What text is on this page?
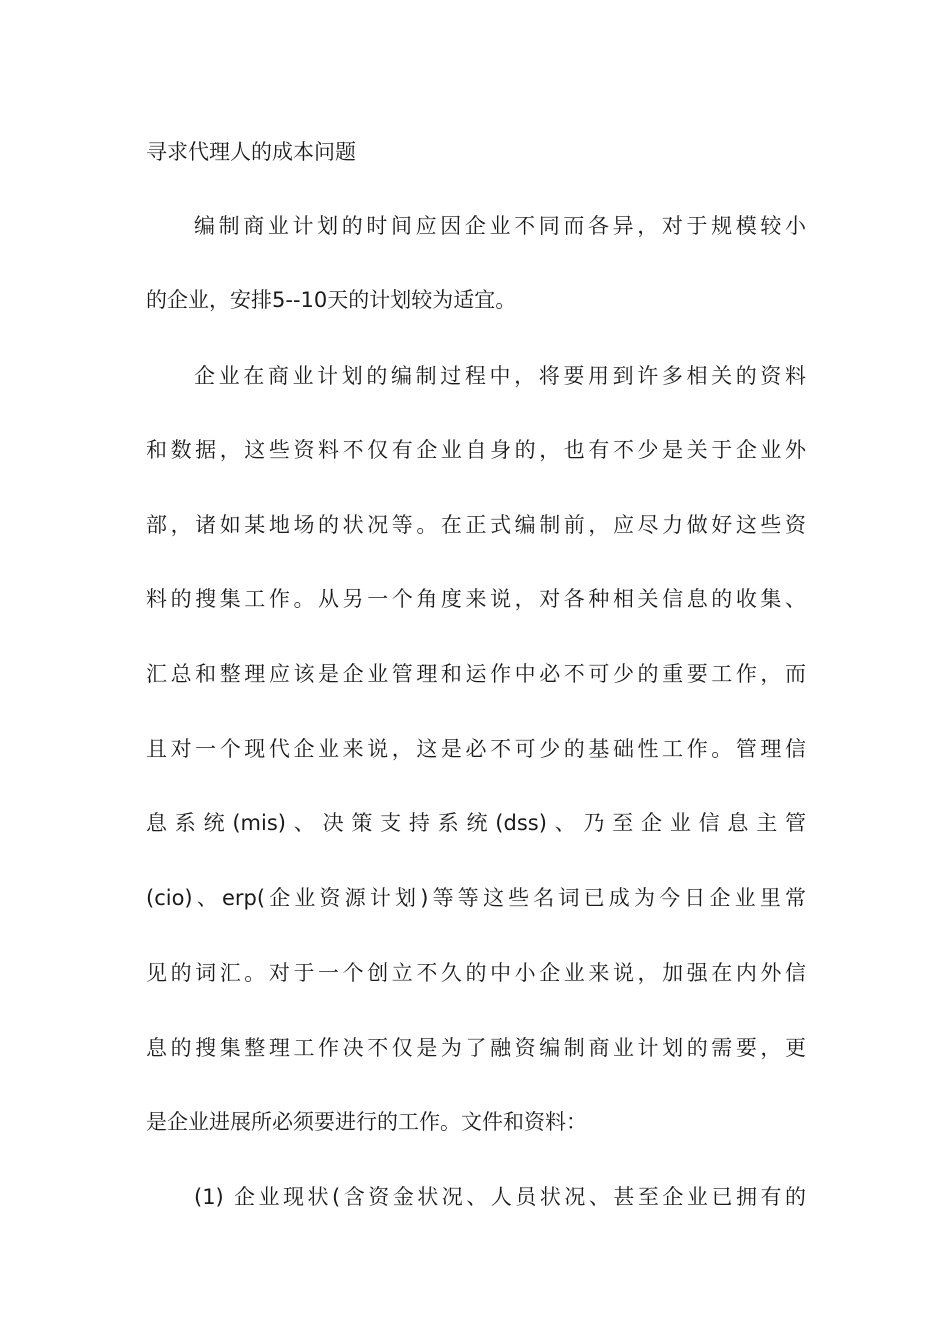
寻求代理人的成本问题
编制商业计划的时间应因企业不同而各异，对于规模较小
的企业，安排5--10天的计划较为适宜。
企业在商业计划的编制过程中，将要用到许多相关的资料
和数据，这些资料不仅有企业自身的，也有不少是关于企业外
部，诸如某地场的状况等。在正式编制前，应尽力做好这些资
料的搜集工作。从另一个角度来说，对各种相关信息的收集、
汇总和整理应该是企业管理和运作中必不可少的重要工作，而
且对一个现代企业来说，这是必不可少的基础性工作。管理信
息系统(mis)、决策支持系统(dss)、乃至企业信息主管
(cio)、erp(企业资源计划)等等这些名词已成为今日企业里常
见的词汇。对于一个创立不久的中小企业来说，加强在内外信
息的搜集整理工作决不仅是为了融资编制商业计划的需要，更
是企业进展所必须要进行的工作。文件和资料：
(1) 企业现状(含资金状况、人员状况、甚至企业已拥有的
